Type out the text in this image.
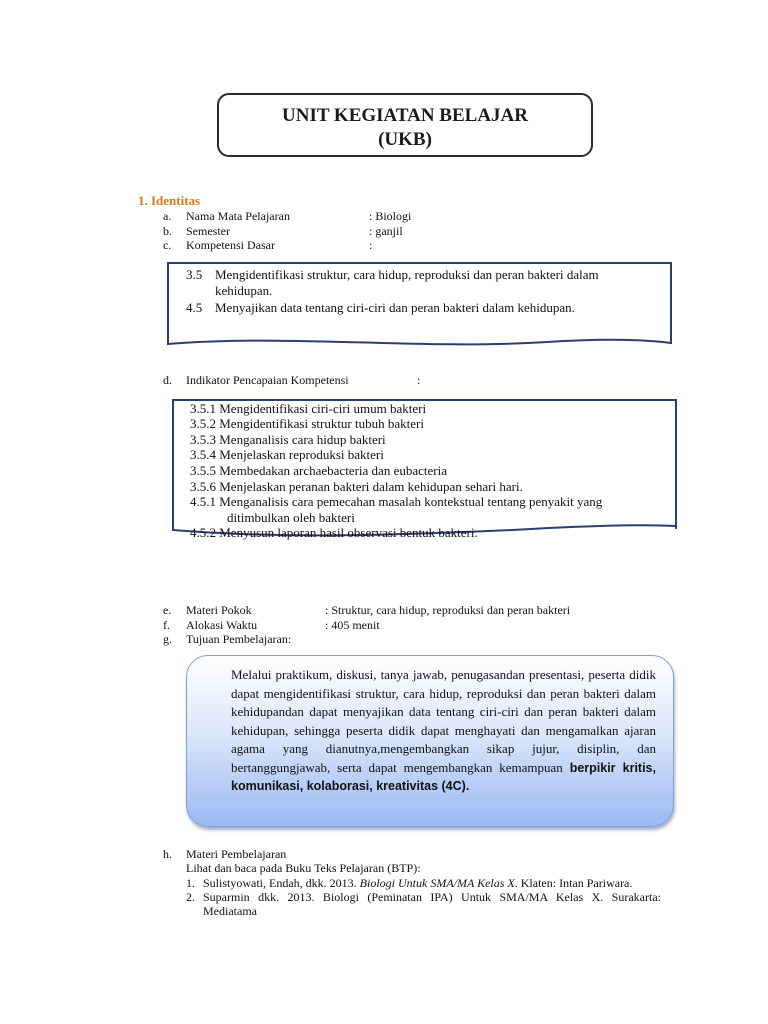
UNIT KEGIATAN BELAJAR
(UKB)
1. Identitas
a. Nama Mata Pelajaran	: Biologi
b. Semester	: ganjil
c. Kompetensi Dasar	:
3.5 Mengidentifikasi struktur, cara hidup, reproduksi dan peran bakteri dalam
kehidupan.
4.5 Menyajikan data tentang ciri-ciri dan peran bakteri dalam kehidupan.
d. Indikator Pencapaian Kompetensi	:
3.5.1 Mengidentifikasi ciri-ciri umum bakteri
3.5.2 Mengidentifikasi struktur tubuh bakteri
3.5.3 Menganalisis cara hidup bakteri
3.5.4 Menjelaskan reproduksi bakteri
3.5.5 Membedakan archaebacteria dan eubacteria
3.5.6 Menjelaskan peranan bakteri dalam kehidupan sehari hari.
4.5.1 Menganalisis cara pemecahan masalah kontekstual tentang penyakit yang
ditimbulkan oleh bakteri
4.5.2 Menyusun laporan hasil observasi bentuk bakteri.
e. Materi Pokok	: Struktur, cara hidup, reproduksi dan peran bakteri
f. Alokasi Waktu	: 405 menit
g. Tujuan Pembelajaran:
Melalui praktikum, diskusi, tanya jawab, penugasandan presentasi, peserta didik dapat mengidentifikasi struktur, cara hidup, reproduksi dan peran bakteri dalam kehidupandan dapat menyajikan data tentang ciri-ciri dan peran bakteri dalam kehidupan, sehingga peserta didik dapat menghayati dan mengamalkan ajaran agama yang dianutnya,mengembangkan sikap jujur, disiplin, dan bertanggungjawab, serta dapat mengembangkan kemampuan berpikir kritis, komunikasi, kolaborasi, kreativitas (4C).
h. Materi Pembelajaran
Lihat dan baca pada Buku Teks Pelajaran (BTP):
1. Sulistyowati, Endah, dkk. 2013. Biologi Untuk SMA/MA Kelas X. Klaten: Intan Pariwara.
2. Suparmin dkk. 2013. Biologi (Peminatan IPA) Untuk SMA/MA Kelas X. Surakarta:
Mediatama
